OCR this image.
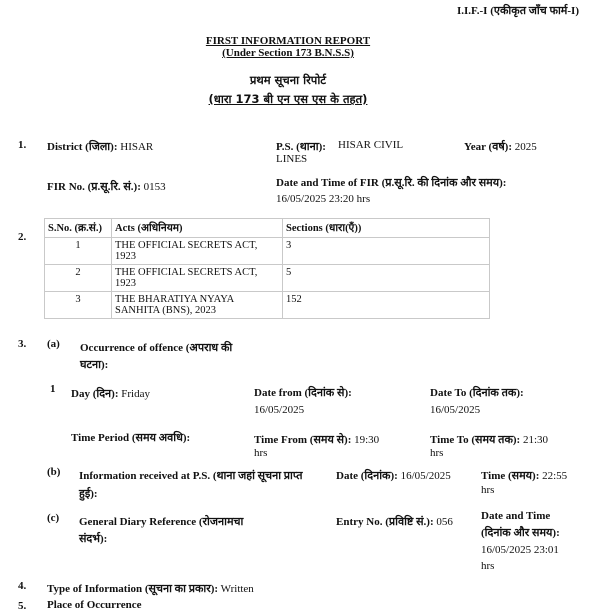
I.I.F.-I (एकीकृत जाँच फार्म-I)
FIRST INFORMATION REPORT
(Under Section 173 B.N.S.S)
प्रथम सूचना रिपोर्ट
(धारा 173 बी एन एस एस के तहत)
1. District (जिला): HISAR	P.S. (थाना): HISAR CIVIL
LINES
Year (वर्ष): 2025
FIR No. (प्र.सू.रि. सं.): 0153	Date and Time of FIR (प्र.सू.रि. की दिनांक और समय):
16/05/2025 23:20 hrs
2.
S.No. (क्र.सं.)	Acts (अधिनियम)	Sections (धारा(एँ))
1	THE OFFICIAL SECRETS ACT, 1923	3
2	THE OFFICIAL SECRETS ACT, 1923	5
3	THE BHARATIYA NYAYA SANHITA (BNS), 2023	152
3. (a) Occurrence of offence (अपराध की
घटना):
1 Day (दिन): Friday	Date from (दिनांक से):
16/05/2025
Date To (दिनांक तक):
16/05/2025
Time Period (समय अवधि):	Time From (समय से): 19:30
hrs
Time To (समय तक): 21:30
hrs
(b) Information received at P.S. (थाना जहां सूचना प्राप्त
हुई):
Date (दिनांक): 16/05/2025	Time (समय): 22:55
hrs
(c) General Diary Reference (रोजनामचा
संदर्भ):
Entry No. (प्रविष्टि सं.): 056	Date and Time
(दिनांक और समय):
16/05/2025 23:01
hrs
4. Type of Information (सूचना का प्रकार): Written
5. Place of Occurrence
